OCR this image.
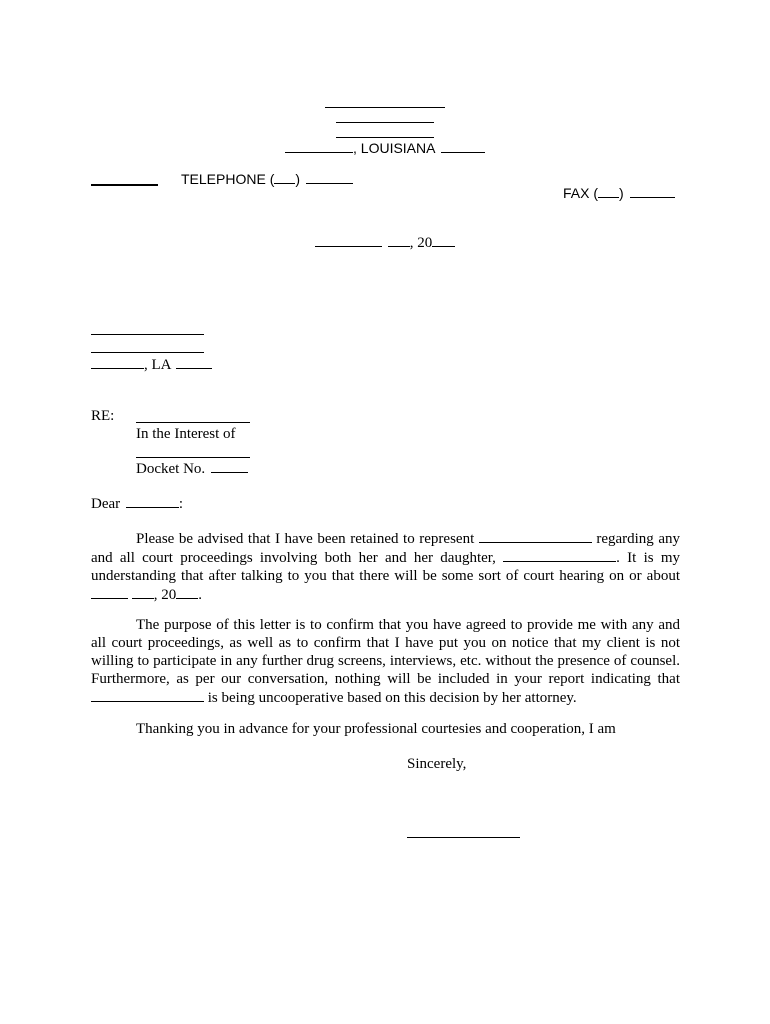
, LOUISIANA
TELEPHONE ( )
FAX ( )
, 20
, LA
RE:
In the Interest of
Docket No.
Dear	:
Please be advised that I have been retained to represent	regarding any and all court proceedings involving both her and her daughter,	. It is my understanding that after talking to you that there will be some sort of court hearing on or about  , 20 .
The purpose of this letter is to confirm that you have agreed to provide me with any and all court proceedings, as well as to confirm that I have put you on notice that my client is not willing to participate in any further drug screens, interviews, etc. without the presence of counsel. Furthermore, as per our conversation, nothing will be included in your report indicating that  is being uncooperative based on this decision by her attorney.
Thanking you in advance for your professional courtesies and cooperation, I am
Sincerely,
